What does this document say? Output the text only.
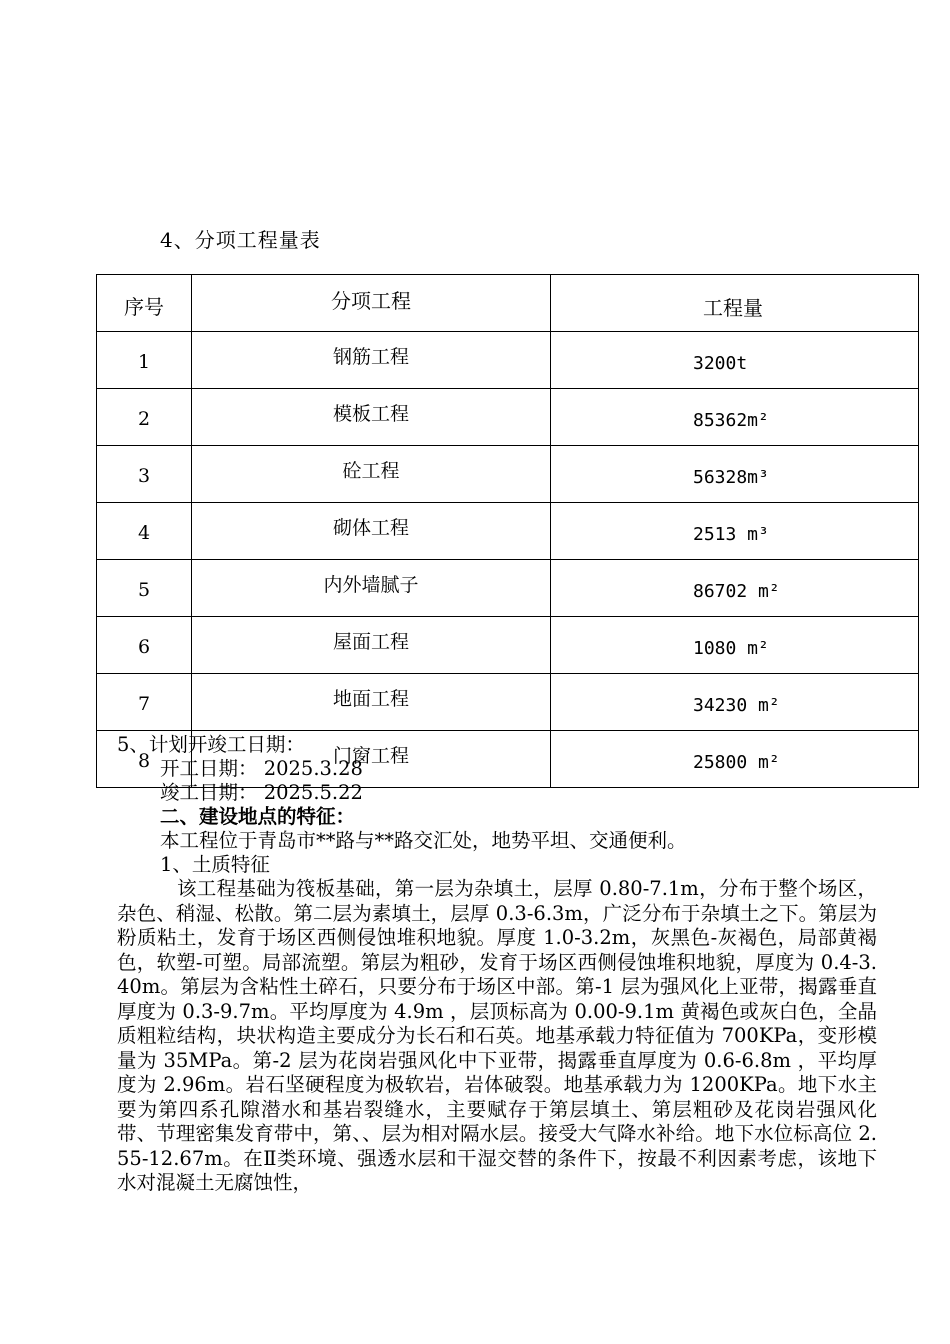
4、分项工程量表
序号	分项工程	工程量
1	钢筋工程	3200t
2	模板工程	85362m²
3	砼工程	56328m³
4	砌体工程	2513 m³
5	内外墙腻子	86702 m²
6	屋面工程	1080 m²
7	地面工程	34230 m²
8	门窗工程	25800 m²
5、计划开竣工日期：
开工日期： 2025.3.28
竣工日期： 2025.5.22
二、建设地点的特征：
本工程位于青岛市**路与**路交汇处，地势平坦、交通便利。
1、土质特征
该工程基础为筏板基础，第一层为杂填土，层厚 0.80-7.1m，分布于整个场区，杂色、稍湿、松散。第二层为素填土，层厚 0.3-6.3m，广泛分布于杂填土之下。第层为粉质粘土，发育于场区西侧侵蚀堆积地貌。厚度 1.0-3.2m，灰黑色-灰褐色，局部黄褐色，软塑-可塑。局部流塑。第层为粗砂，发育于场区西侧侵蚀堆积地貌，厚度为 0.4-3.40m。第层为含粘性土碎石，只要分布于场区中部。第-1 层为强风化上亚带，揭露垂直厚度为 0.3-9.7m。平均厚度为 4.9m ，层顶标高为 0.00-9.1m 黄褐色或灰白色，全晶质粗粒结构，块状构造主要成分为长石和石英。地基承载力特征值为 700KPa，变形模量为 35MPa。第-2 层为花岗岩强风化中下亚带，揭露垂直厚度为 0.6-6.8m ，平均厚度为 2.96m。岩石坚硬程度为极软岩，岩体破裂。地基承载力为 1200KPa。地下水主要为第四系孔隙潜水和基岩裂缝水，主要赋存于第层填土、第层粗砂及花岗岩强风化带、节理密集发育带中，第、、层为相对隔水层。接受大气降水补给。地下水位标高位 2.55-12.67m。在Ⅱ类环境、强透水层和干湿交替的条件下，按最不利因素考虑，该地下水对混凝土无腐蚀性，
